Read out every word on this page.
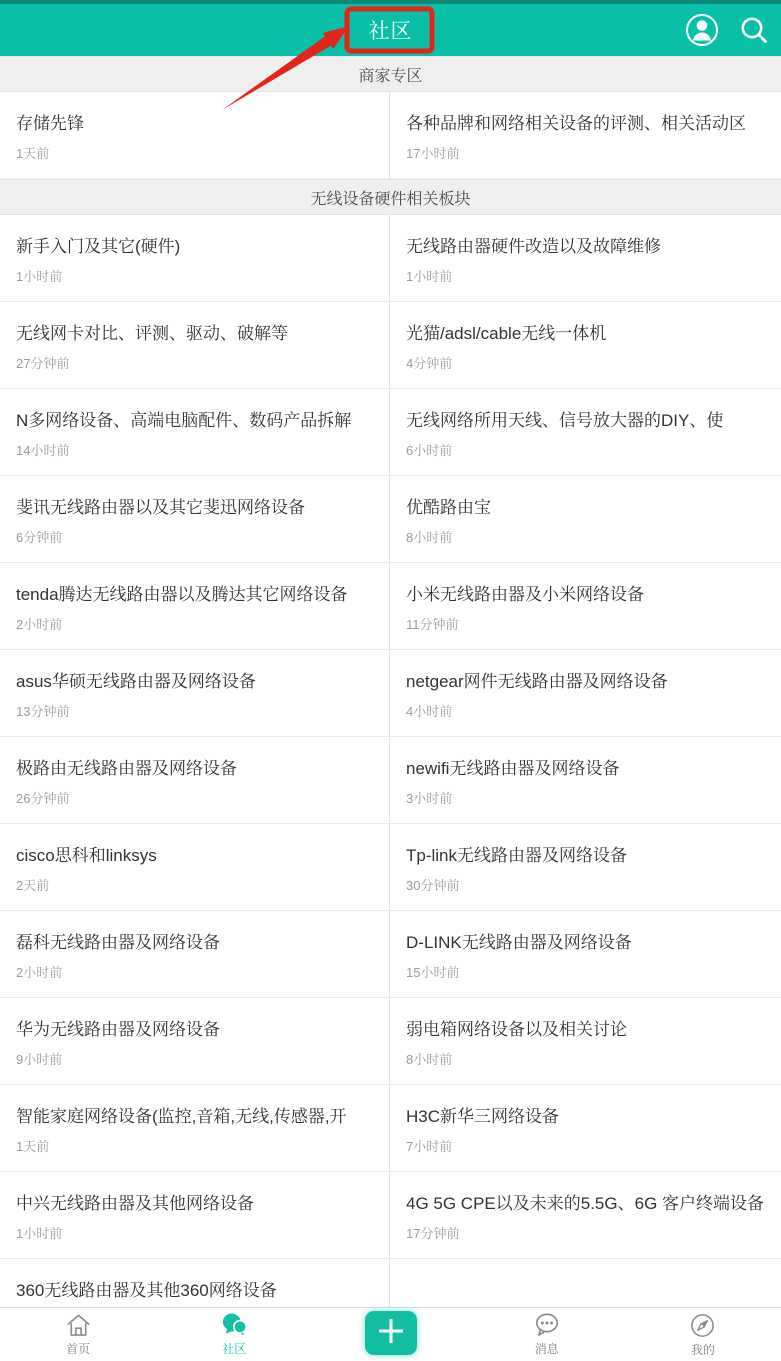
社区
商家专区
存储先锋
1天前
各种品牌和网络相关设备的评测、相关活动区
17小时前
无线设备硬件相关板块
新手入门及其它(硬件)
1小时前
无线路由器硬件改造以及故障维修
1小时前
无线网卡对比、评测、驱动、破解等
27分钟前
光猫/adsl/cable无线一体机
4分钟前
N多网络设备、高端电脑配件、数码产品拆解
14小时前
无线网络所用天线、信号放大器的DIY、使
6小时前
斐讯无线路由器以及其它斐迅网络设备
6分钟前
优酷路由宝
8小时前
tenda腾达无线路由器以及腾达其它网络设备
2小时前
小米无线路由器及小米网络设备
11分钟前
asus华硕无线路由器及网络设备
13分钟前
netgear网件无线路由器及网络设备
4小时前
极路由无线路由器及网络设备
26分钟前
newifi无线路由器及网络设备
3小时前
cisco思科和linksys
2天前
Tp-link无线路由器及网络设备
30分钟前
磊科无线路由器及网络设备
2小时前
D-LINK无线路由器及网络设备
15小时前
华为无线路由器及网络设备
9小时前
弱电箱网络设备以及相关讨论
8小时前
智能家庭网络设备(监控,音箱,无线,传感器,开
1天前
H3C新华三网络设备
7小时前
中兴无线路由器及其他网络设备
1小时前
4G 5G CPE以及未来的5.5G、6G 客户终端设备
17分钟前
360无线路由器及其他360网络设备
首页	社区	消息	我的
